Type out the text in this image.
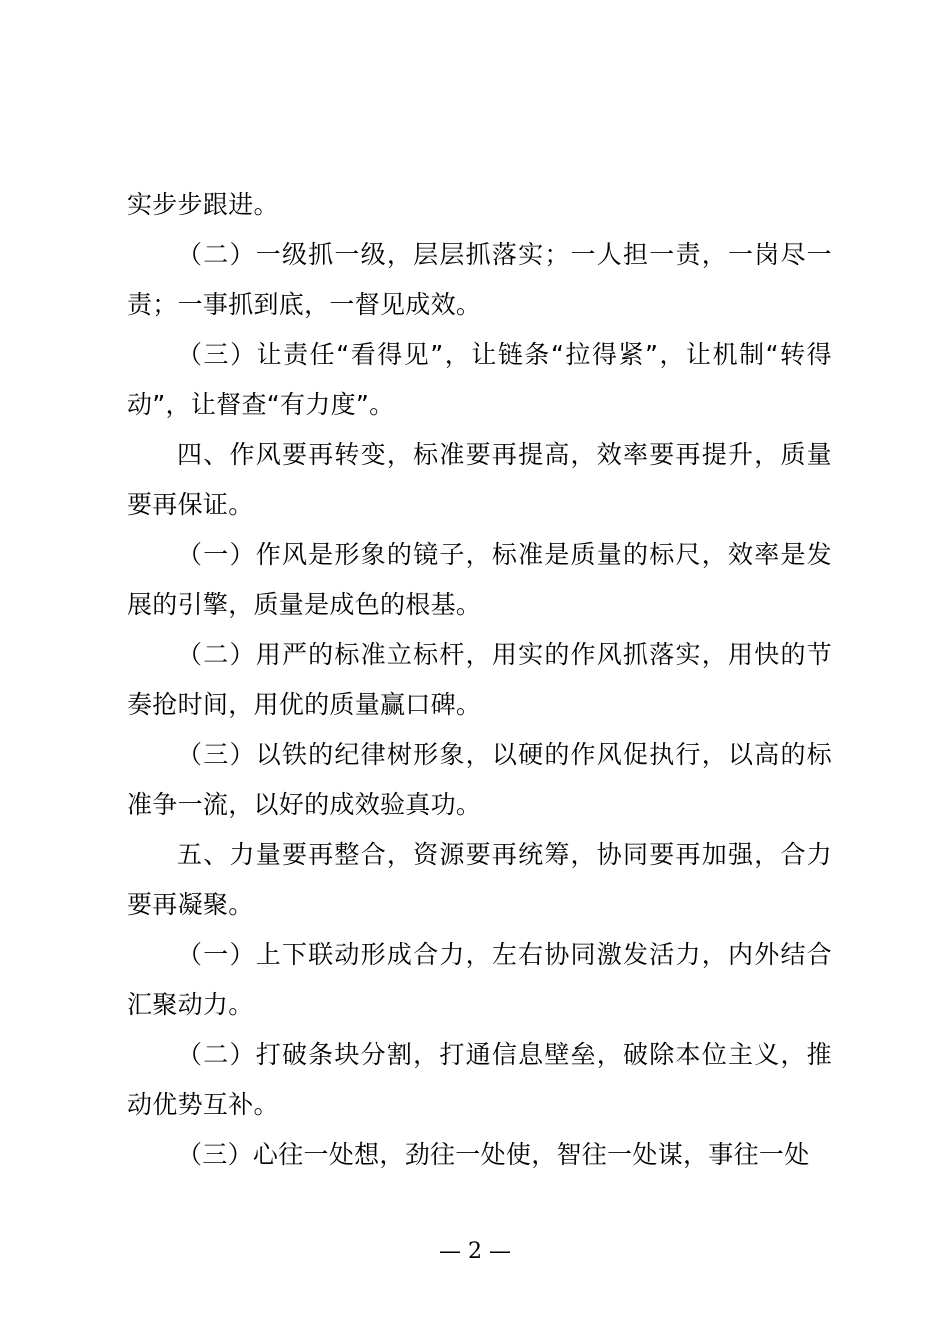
实步步跟进。

（二）一级抓一级，层层抓落实；一人担一责，一岗尽一责；一事抓到底，一督见成效。

（三）让责任“看得见”，让链条“拉得紧”，让机制“转得动”，让督查“有力度”。

四、作风要再转变，标准要再提高，效率要再提升，质量要再保证。

（一）作风是形象的镜子，标准是质量的标尺，效率是发展的引擎，质量是成色的根基。

（二）用严的标准立标杆，用实的作风抓落实，用快的节奏抢时间，用优的质量赢口碑。

（三）以铁的纪律树形象，以硬的作风促执行，以高的标准争一流，以好的成效验真功。

五、力量要再整合，资源要再统筹，协同要再加强，合力要再凝聚。

（一）上下联动形成合力，左右协同激发活力，内外结合汇聚动力。

（二）打破条块分割，打通信息壁垒，破除本位主义，推动优势互补。

（三）心往一处想，劲往一处使，智往一处谋，事往一处

— 2 —
